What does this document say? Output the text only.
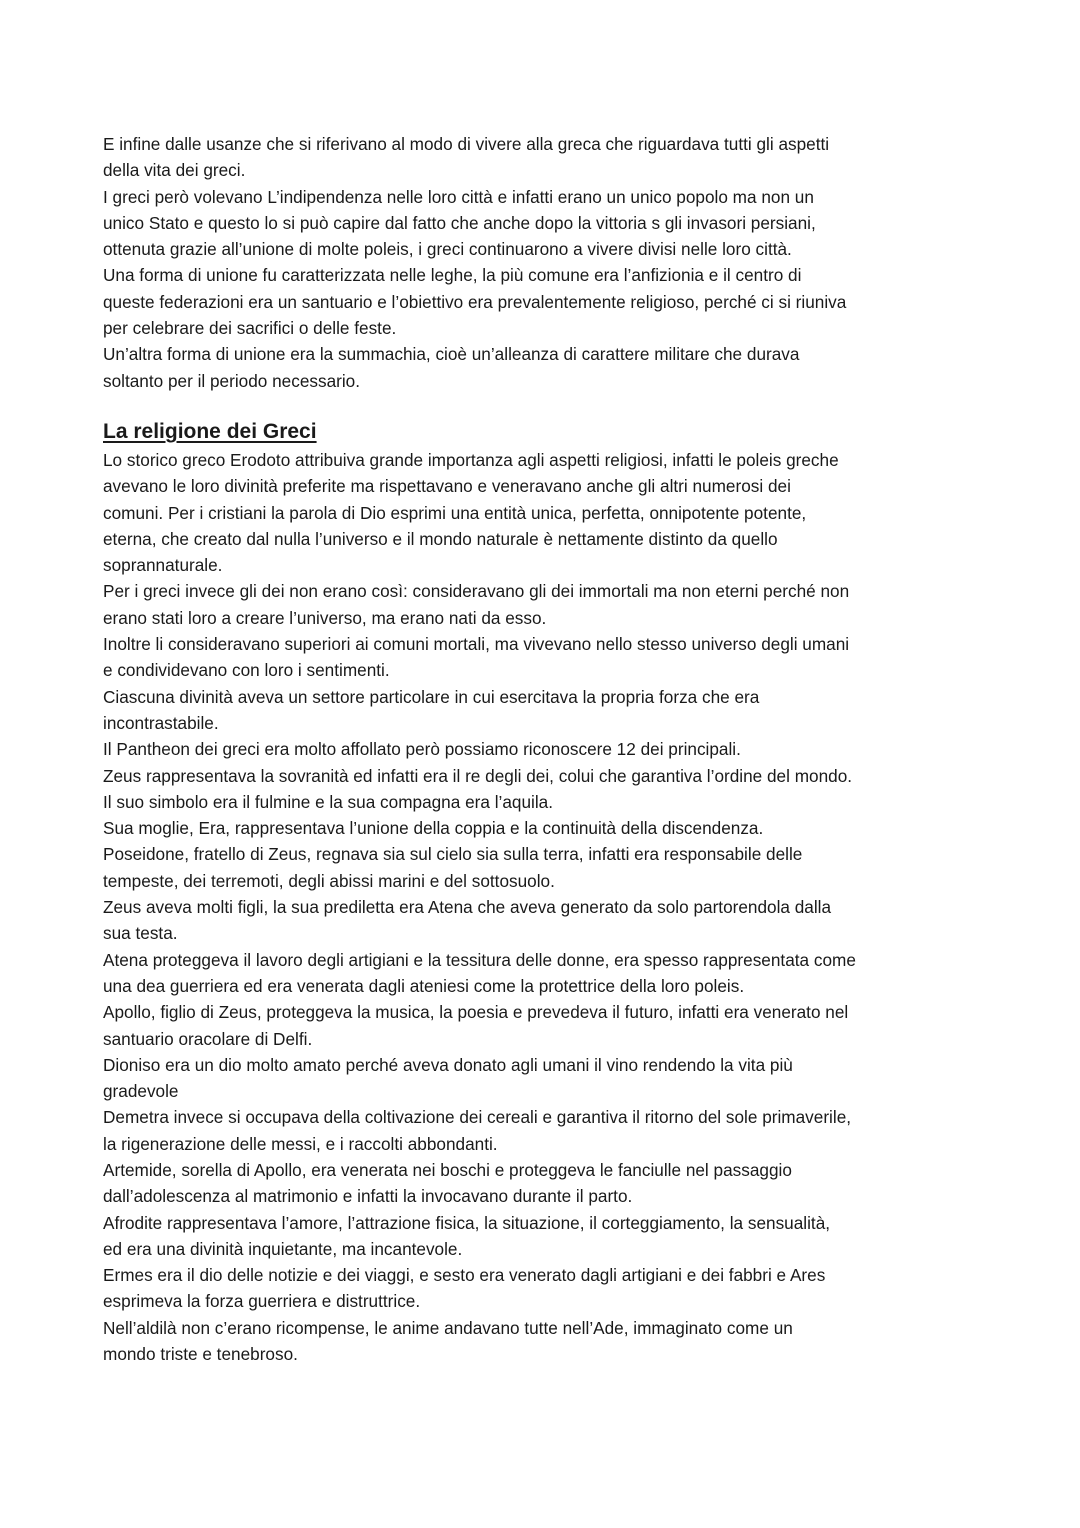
E infine dalle usanze che si riferivano al modo di vivere alla greca che riguardava tutti gli aspetti
della vita dei greci.
I greci però volevano L’indipendenza nelle loro città e infatti erano un unico popolo ma non un
unico Stato e questo lo si può capire dal fatto che anche dopo la vittoria s gli invasori persiani,
ottenuta grazie all’unione di molte poleis, i greci continuarono a vivere divisi nelle loro città.
Una forma di unione fu caratterizzata nelle leghe, la più comune era l’anfizionia e il centro di
queste federazioni era un santuario e l’obiettivo era prevalentemente religioso, perché ci si riuniva
per celebrare dei sacrifici o delle feste.
Un’altra forma di unione era la summachia, cioè un’alleanza di carattere militare che durava
soltanto per il periodo necessario.
La religione dei Greci
Lo storico greco Erodoto attribuiva grande importanza agli aspetti religiosi, infatti le poleis greche
avevano le loro divinità preferite ma rispettavano e veneravano anche gli altri numerosi dei
comuni. Per i cristiani la parola di Dio esprimi una entità unica, perfetta, onnipotente potente,
eterna, che creato dal nulla l’universo e il mondo naturale è nettamente distinto da quello
soprannaturale.
Per i greci invece gli dei non erano così: consideravano gli dei immortali ma non eterni perché non
erano stati loro a creare l’universo, ma erano nati da esso.
Inoltre li consideravano superiori ai comuni mortali, ma vivevano nello stesso universo degli umani
e condividevano con loro i sentimenti.
Ciascuna divinità aveva un settore particolare in cui esercitava la propria forza che era
incontrastabile.
Il Pantheon dei greci era molto affollato però possiamo riconoscere 12 dei principali.
Zeus rappresentava la sovranità ed infatti era il re degli dei, colui che garantiva l’ordine del mondo.
Il suo simbolo era il fulmine e la sua compagna era l’aquila.
Sua moglie, Era, rappresentava l’unione della coppia e la continuità della discendenza.
Poseidone, fratello di Zeus, regnava sia sul cielo sia sulla terra, infatti era responsabile delle
tempeste, dei terremoti, degli abissi marini e del sottosuolo.
Zeus aveva molti figli, la sua prediletta era Atena che aveva generato da solo partorendola dalla
sua testa.
Atena proteggeva il lavoro degli artigiani e la tessitura delle donne, era spesso rappresentata come
una dea guerriera ed era venerata dagli ateniesi come la protettrice della loro poleis.
Apollo, figlio di Zeus, proteggeva la musica, la poesia e prevedeva il futuro, infatti era venerato nel
santuario oracolare di Delfi.
Dioniso era un dio molto amato perché aveva donato agli umani il vino rendendo la vita più
gradevole
Demetra invece si occupava della coltivazione dei cereali e garantiva il ritorno del sole primaverile,
la rigenerazione delle messi, e i raccolti abbondanti.
Artemide, sorella di Apollo, era venerata nei boschi e proteggeva le fanciulle nel passaggio
dall’adolescenza al matrimonio e infatti la invocavano durante il parto.
Afrodite rappresentava l’amore, l’attrazione fisica, la situazione, il corteggiamento, la sensualità,
ed era una divinità inquietante, ma incantevole.
Ermes era il dio delle notizie e dei viaggi, e sesto era venerato dagli artigiani e dei fabbri e Ares
esprimeva la forza guerriera e distruttrice.
Nell’aldilà non c’erano ricompense, le anime andavano tutte nell’Ade, immaginato come un
mondo triste e tenebroso.
